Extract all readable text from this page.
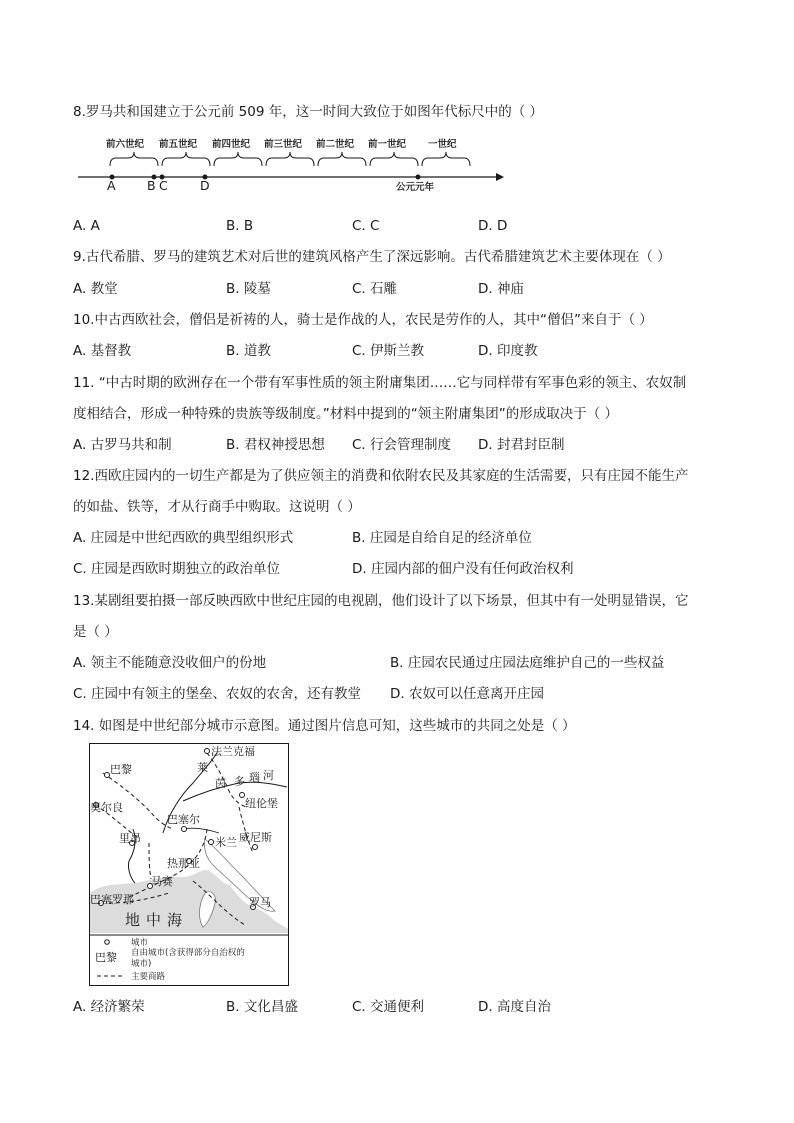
8.罗马共和国建立于公元前 509 年，这一时间大致位于如图年代标尺中的（ ）
前六世纪 前五世纪 前四世纪 前三世纪 前二世纪 前一世纪 一世纪
A	B C	D	公元元年
A. A	B. B	C. C	D. D
9.古代希腊、罗马的建筑艺术对后世的建筑风格产生了深远影响。古代希腊建筑艺术主要体现在（ ）
A. 教堂	B. 陵墓	C. 石雕	D. 神庙
10.中古西欧社会，僧侣是祈祷的人，骑士是作战的人，农民是劳作的人，其中“僧侣”来自于（ ）
A. 基督教	B. 道教	C. 伊斯兰教	D. 印度教
11. “中古时期的欧洲存在一个带有军事性质的领主附庸集团……它与同样带有军事色彩的领主、农奴制
度相结合，形成一种特殊的贵族等级制度。”材料中提到的“领主附庸集团”的形成取决于（ ）
A. 古罗马共和制	B. 君权神授思想 C. 行会管理制度 D. 封君封臣制
12.西欧庄园内的一切生产都是为了供应领主的消费和依附农民及其家庭的生活需要，只有庄园不能生产
的如盐、铁等，才从行商手中购取。这说明（ ）
A. 庄园是中世纪西欧的典型组织形式	B. 庄园是自给自足的经济单位
C. 庄园是西欧时期独立的政治单位	D. 庄园内部的佃户没有任何政治权利
13.某剧组要拍摄一部反映西欧中世纪庄园的电视剧，他们设计了以下场景，但其中有一处明显错误，它
是（ ）
A. 领主不能随意没收佃户的份地	B. 庄园农民通过庄园法庭维护自己的一些权益
C. 庄园中有领主的堡垒、农奴的农舍，还有教堂 D. 农奴可以任意离开庄园
14. 如图是中世纪部分城市示意图。通过图片信息可知，这些城市的共同之处是（ ）
法兰克福
巴黎	莱
茵 多 瑙 河
奥尔良	纽伦堡
巴塞尔
里昂	米兰 威尼斯
热那亚
马赛
巴塞罗那	罗马
地中海
城市
巴黎 自由城市(含获得部分自治权的
城市)
主要商路
A. 经济繁荣	B. 文化昌盛	C. 交通便利	D. 高度自治
